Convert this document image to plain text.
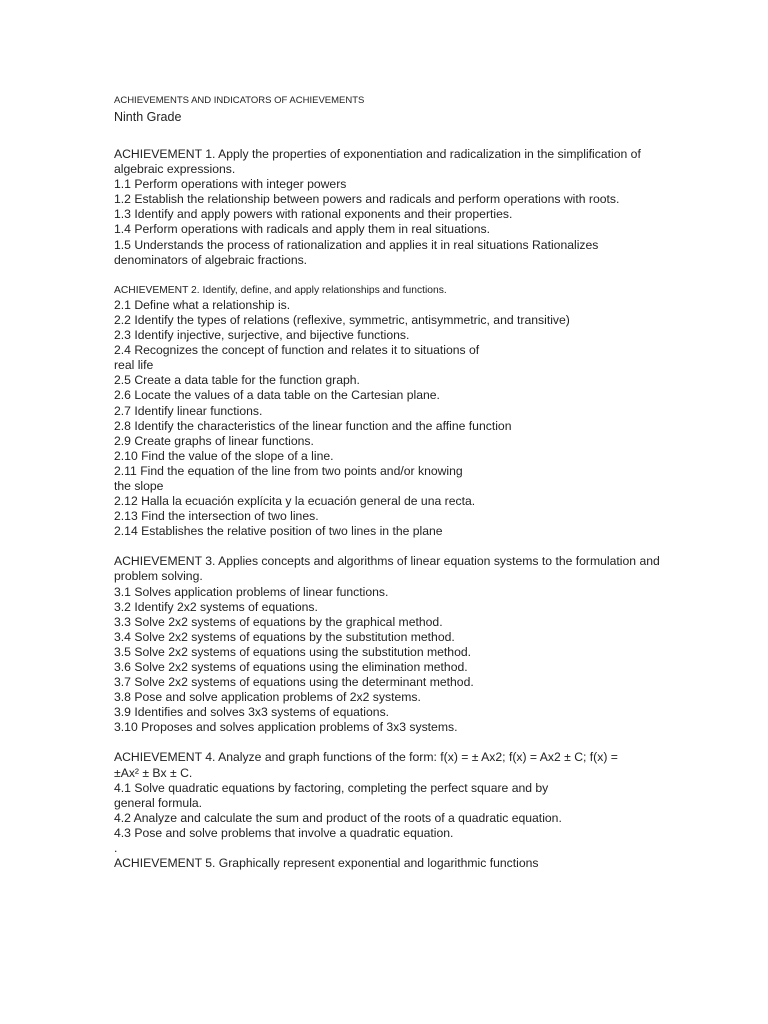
ACHIEVEMENTS AND INDICATORS OF ACHIEVEMENTS

Ninth Grade

ACHIEVEMENT 1. Apply the properties of exponentiation and radicalization in the simplification of

algebraic expressions.

1.1 Perform operations with integer powers

1.2 Establish the relationship between powers and radicals and perform operations with roots.

1.3 Identify and apply powers with rational exponents and their properties.

1.4 Perform operations with radicals and apply them in real situations.

1.5 Understands the process of rationalization and applies it in real situations Rationalizes

denominators of algebraic fractions.

ACHIEVEMENT 2. Identify, define, and apply relationships and functions.

2.1 Define what a relationship is.

2.2 Identify the types of relations (reflexive, symmetric, antisymmetric, and transitive)

2.3 Identify injective, surjective, and bijective functions.

2.4 Recognizes the concept of function and relates it to situations of

real life

2.5 Create a data table for the function graph.

2.6 Locate the values of a data table on the Cartesian plane.

2.7 Identify linear functions.

2.8 Identify the characteristics of the linear function and the affine function

2.9 Create graphs of linear functions.

2.10 Find the value of the slope of a line.

2.11 Find the equation of the line from two points and/or knowing

the slope

2.12 Halla la ecuación explícita y la ecuación general de una recta.

2.13 Find the intersection of two lines.

2.14 Establishes the relative position of two lines in the plane

ACHIEVEMENT 3. Applies concepts and algorithms of linear equation systems to the formulation and

problem solving.

3.1 Solves application problems of linear functions.

3.2 Identify 2x2 systems of equations.

3.3 Solve 2x2 systems of equations by the graphical method.

3.4 Solve 2x2 systems of equations by the substitution method.

3.5 Solve 2x2 systems of equations using the substitution method.

3.6 Solve 2x2 systems of equations using the elimination method.

3.7 Solve 2x2 systems of equations using the determinant method.

3.8 Pose and solve application problems of 2x2 systems.

3.9 Identifies and solves 3x3 systems of equations.

3.10 Proposes and solves application problems of 3x3 systems.

ACHIEVEMENT 4. Analyze and graph functions of the form: f(x) = ± Ax2; f(x) = Ax2 ± C; f(x) =

±Ax² ± Bx ± C.

4.1 Solve quadratic equations by factoring, completing the perfect square and by

general formula.

4.2 Analyze and calculate the sum and product of the roots of a quadratic equation.

4.3 Pose and solve problems that involve a quadratic equation.

.

ACHIEVEMENT 5. Graphically represent exponential and logarithmic functions
